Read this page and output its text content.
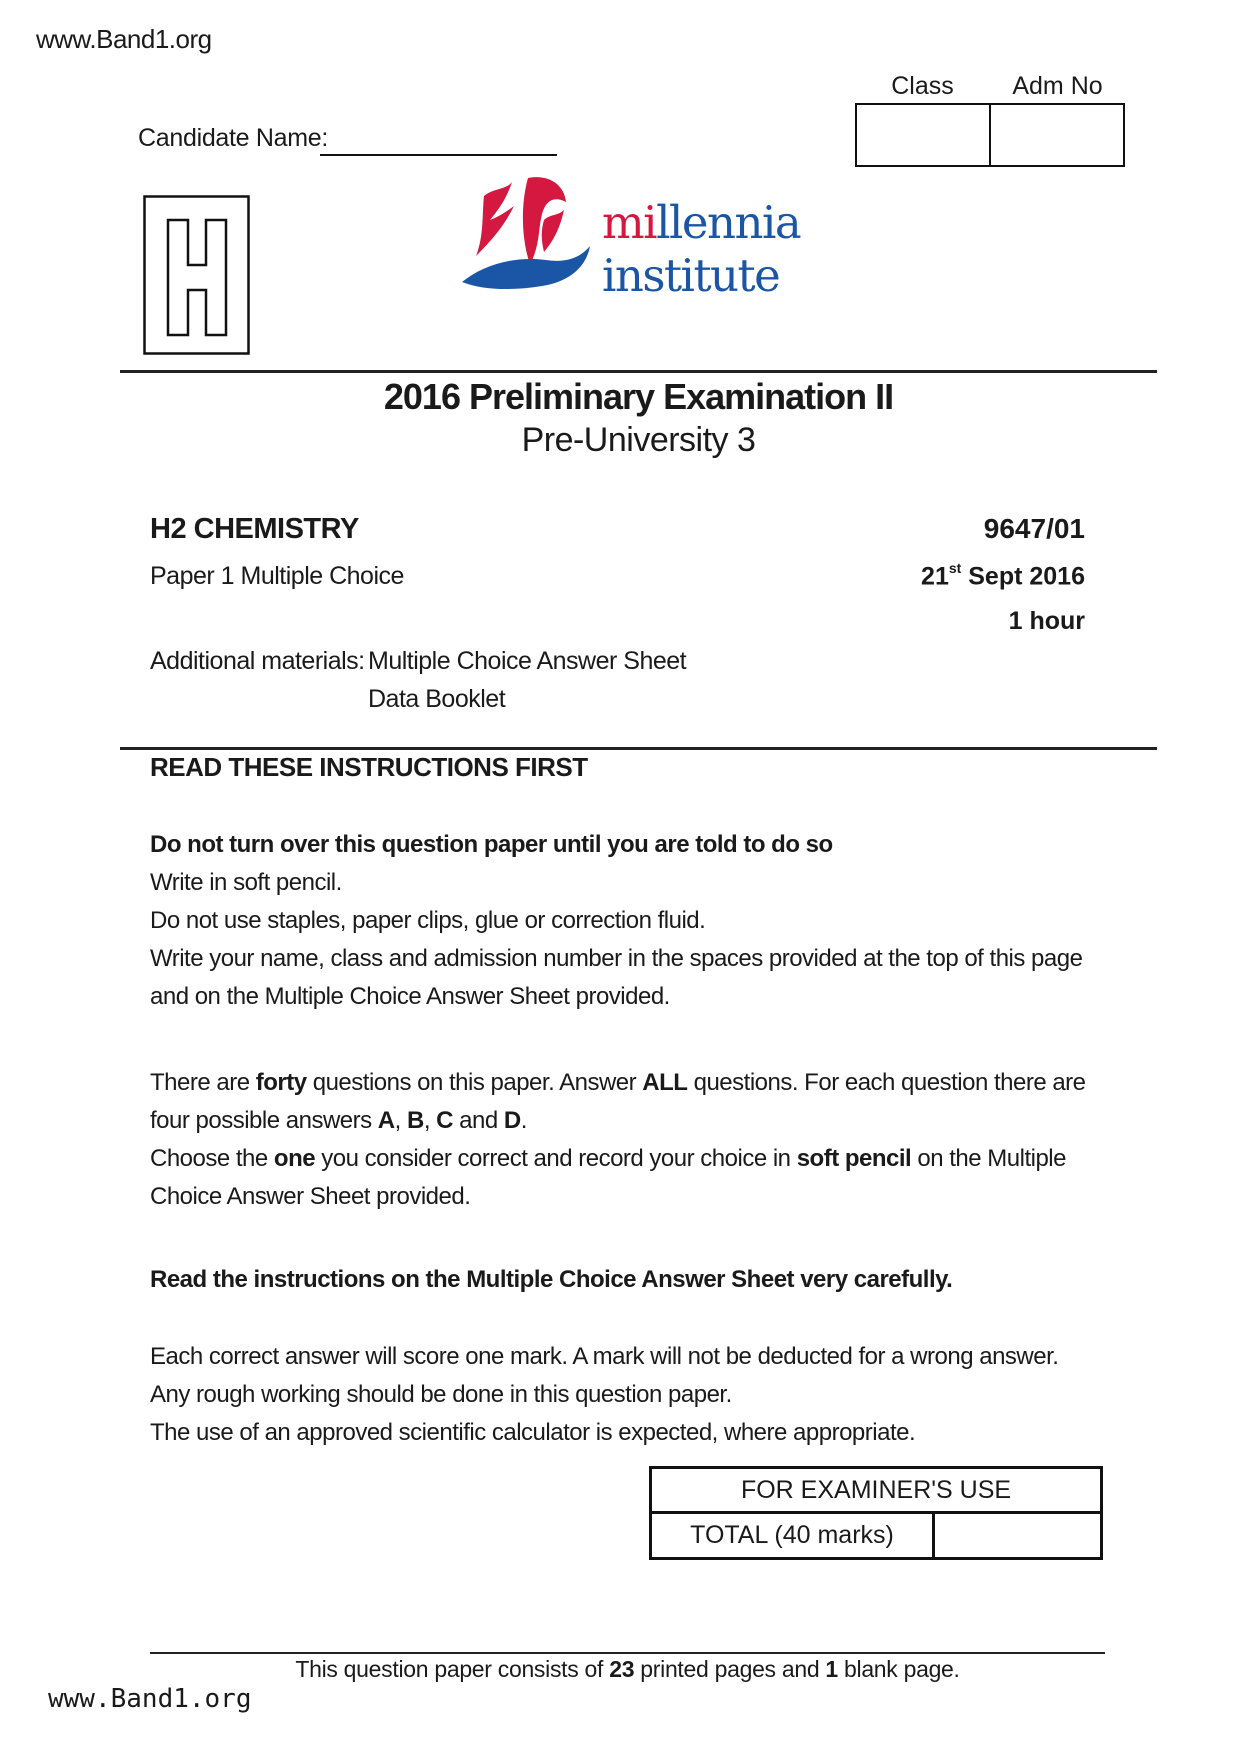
www.Band1.org
Class	Adm No
Candidate Name:
millennia
institute
2016 Preliminary Examination II
Pre-University 3
H2 CHEMISTRY	9647/01
Paper 1 Multiple Choice	21st Sept 2016
1 hour
Additional materials: Multiple Choice Answer Sheet
Data Booklet
READ THESE INSTRUCTIONS FIRST
Do not turn over this question paper until you are told to do so
Write in soft pencil.
Do not use staples, paper clips, glue or correction fluid.
Write your name, class and admission number in the spaces provided at the top of this page
and on the Multiple Choice Answer Sheet provided.
There are forty questions on this paper. Answer ALL questions. For each question there are
four possible answers A, B, C and D.
Choose the one you consider correct and record your choice in soft pencil on the Multiple
Choice Answer Sheet provided.
Read the instructions on the Multiple Choice Answer Sheet very carefully.
Each correct answer will score one mark. A mark will not be deducted for a wrong answer.
Any rough working should be done in this question paper.
The use of an approved scientific calculator is expected, where appropriate.
FOR EXAMINER'S USE
TOTAL (40 marks)
This question paper consists of 23 printed pages and 1 blank page.
www.Band1.org
